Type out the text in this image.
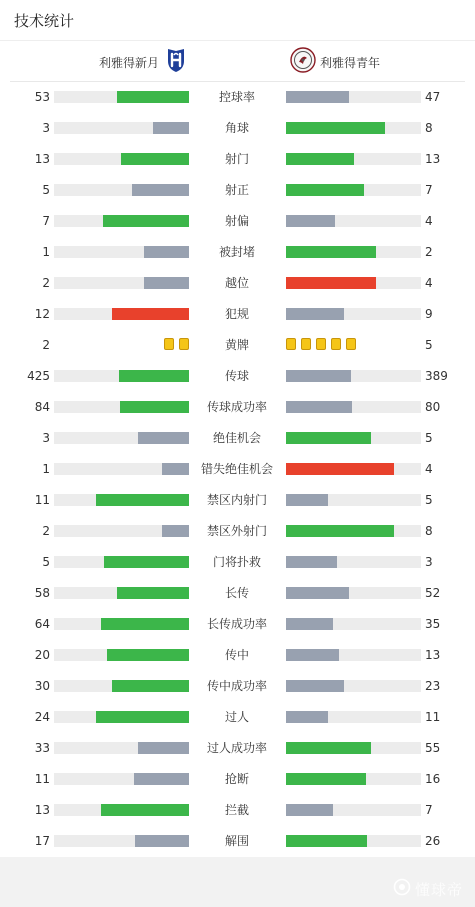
技术统计
利雅得新月	利雅得青年
53	控球率	47
3	角球	8
13	射门	13
5	射正	7
7	射偏	4
1	被封堵	2
2	越位	4
12	犯规	9
2	黄牌	5
425	传球	389
84	传球成功率	80
3	绝佳机会	5
1	错失绝佳机会	4
11	禁区内射门	5
2	禁区外射门	8
5	门将扑救	3
58	长传	52
64	长传成功率	35
20	传中	13
30	传中成功率	23
24	过人	11
33	过人成功率	55
11	抢断	16
13	拦截	7
17	解围	26
懂球帝
